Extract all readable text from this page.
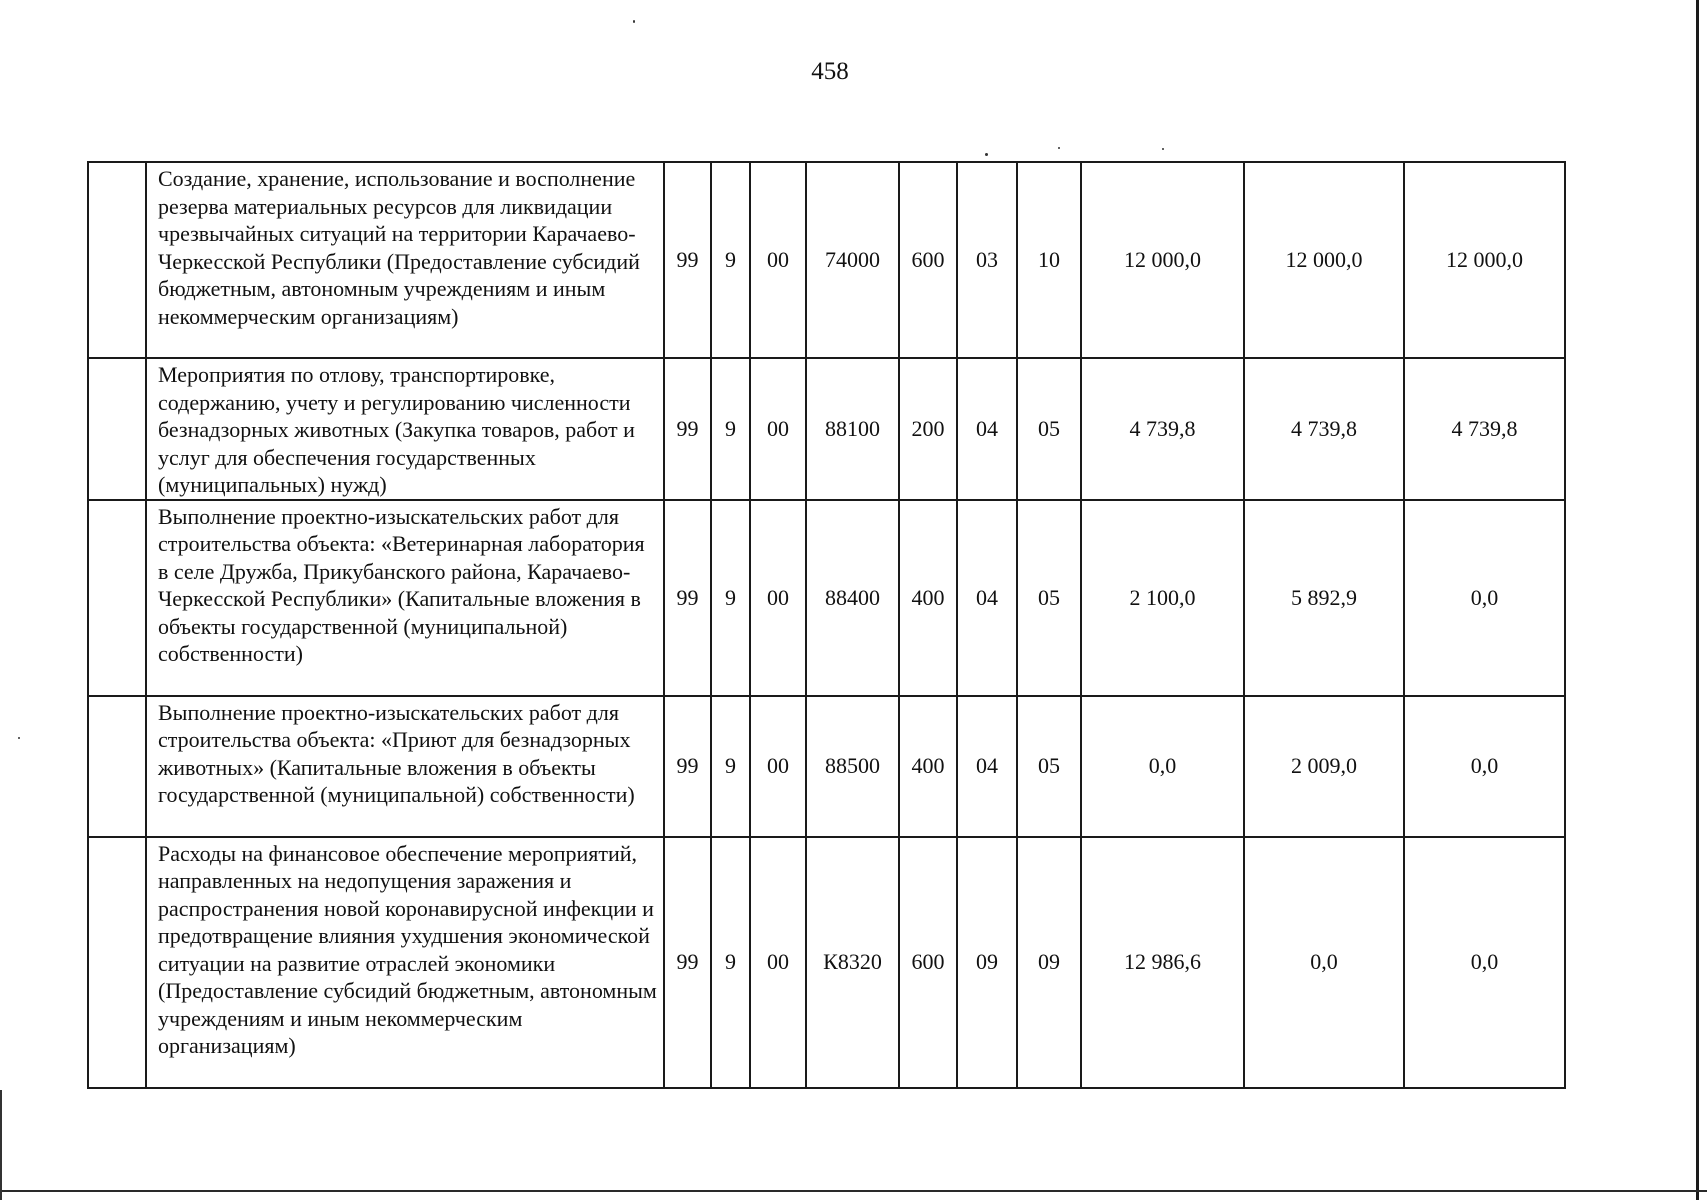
458
	Создание, хранение, использование и восполнение резерва материальных ресурсов для ликвидации чрезвычайных ситуаций на территории Карачаево-Черкесской Республики (Предоставление субсидий бюджетным, автономным учреждениям и иным некоммерческим организациям)	99	9	00	74000	600	03	10	12 000,0	12 000,0	12 000,0
	Мероприятия по отлову, транспортировке, содержанию, учету и регулированию численности безнадзорных животных (Закупка товаров, работ и услуг для обеспечения государственных (муниципальных) нужд)	99	9	00	88100	200	04	05	4 739,8	4 739,8	4 739,8
	Выполнение проектно-изыскательских работ для строительства объекта: «Ветеринарная лаборатория в селе Дружба, Прикубанского района, Карачаево-Черкесской Республики» (Капитальные вложения в объекты государственной (муниципальной) собственности)	99	9	00	88400	400	04	05	2 100,0	5 892,9	0,0
	Выполнение проектно-изыскательских работ для строительства объекта: «Приют для безнадзорных животных» (Капитальные вложения в объекты государственной (муниципальной) собственности)	99	9	00	88500	400	04	05	0,0	2 009,0	0,0
	Расходы на финансовое обеспечение мероприятий, направленных на недопущения заражения и распространения новой коронавирусной инфекции и предотвращение влияния ухудшения экономической ситуации на развитие отраслей экономики (Предоставление субсидий бюджетным, автономным учреждениям и иным некоммерческим организациям)	99	9	00	К8320	600	09	09	12 986,6	0,0	0,0
